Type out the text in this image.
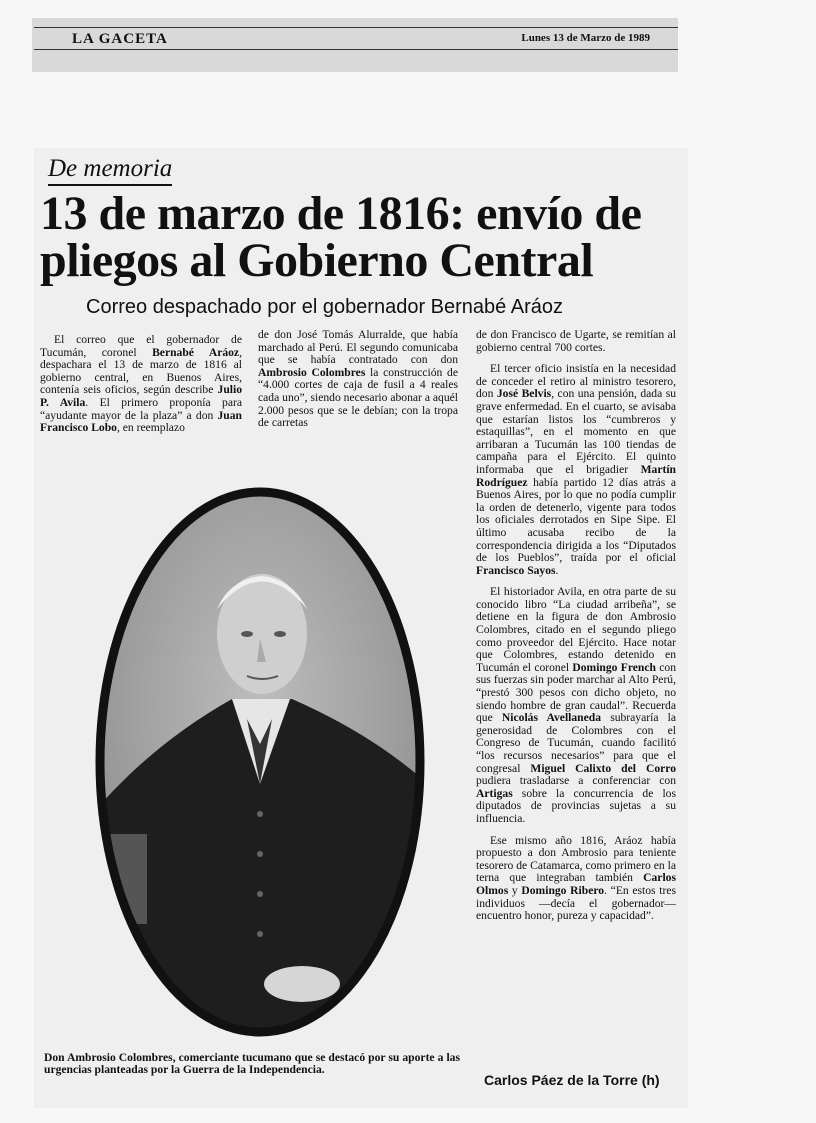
LA GACETA	Lunes 13 de Marzo de 1989
De memoria
13 de marzo de 1816: envío de
pliegos al Gobierno Central
Correo despachado por el gobernador Bernabé Aráoz

El correo que el gobernador de Tucumán, coronel Bernabé Aráoz, despachara el 13 de marzo de 1816 al gobierno central, en Buenos Aires, contenía seis oficios, según describe Julio P. Avila. El primero proponía para “ayudante mayor de la plaza” a don Juan Francisco Lobo, en reemplazo

de don José Tomás Alurralde, que había marchado al Perú. El segundo comunicaba que se había contratado con don Ambrosio Colombres la construcción de “4.000 cortes de caja de fusil a 4 reales cada uno”, siendo necesario abonar a aquél 2.000 pesos que se le debían; con la tropa de carretas

de don Francisco de Ugarte, se remitían al gobierno central 700 cortes.

El tercer oficio insistía en la necesidad de conceder el retiro al ministro tesorero, don José Belvis, con una pensión, dada su grave enfermedad. En el cuarto, se avisaba que estarían listos los “cumbreros y estaquillas”, en el momento en que arribaran a Tucumán las 100 tiendas de campaña para el Ejército. El quinto informaba que el brigadier Martín Rodríguez había partido 12 días atrás a Buenos Aires, por lo que no podía cumplir la orden de detenerlo, vigente para todos los oficiales derrotados en Sipe Sipe. El último acusaba recibo de la correspondencia dirigida a los “Diputados de los Pueblos”, traída por el oficial Francisco Sayos.

El historiador Avila, en otra parte de su conocido libro “La ciudad arribeña”, se detiene en la figura de don Ambrosio Colombres, citado en el segundo pliego como proveedor del Ejército. Hace notar que Colombres, estando detenido en Tucumán el coronel Domingo French con sus fuerzas sin poder marchar al Alto Perú, “prestó 300 pesos con dicho objeto, no siendo hombre de gran caudal”. Recuerda que Nicolás Avellaneda subrayaría la generosidad de Colombres con el Congreso de Tucumán, cuando facilitó “los recursos necesarios” para que el congresal Miguel Calixto del Corro pudiera trasladarse a conferenciar con Artigas sobre la concurrencia de los diputados de provincias sujetas a su influencia.

Ese mismo año 1816, Aráoz había propuesto a don Ambrosio para teniente tesorero de Catamarca, como primero en la terna que integraban también Carlos Olmos y Domingo Ribero. “En estos tres individuos —decía el gobernador— encuentro honor, pureza y capacidad”.

Don Ambrosio Colombres, comerciante tucumano que se destacó por su aporte a las urgencias planteadas por la Guerra de la Independencia.
Carlos Páez de la Torre (h)
